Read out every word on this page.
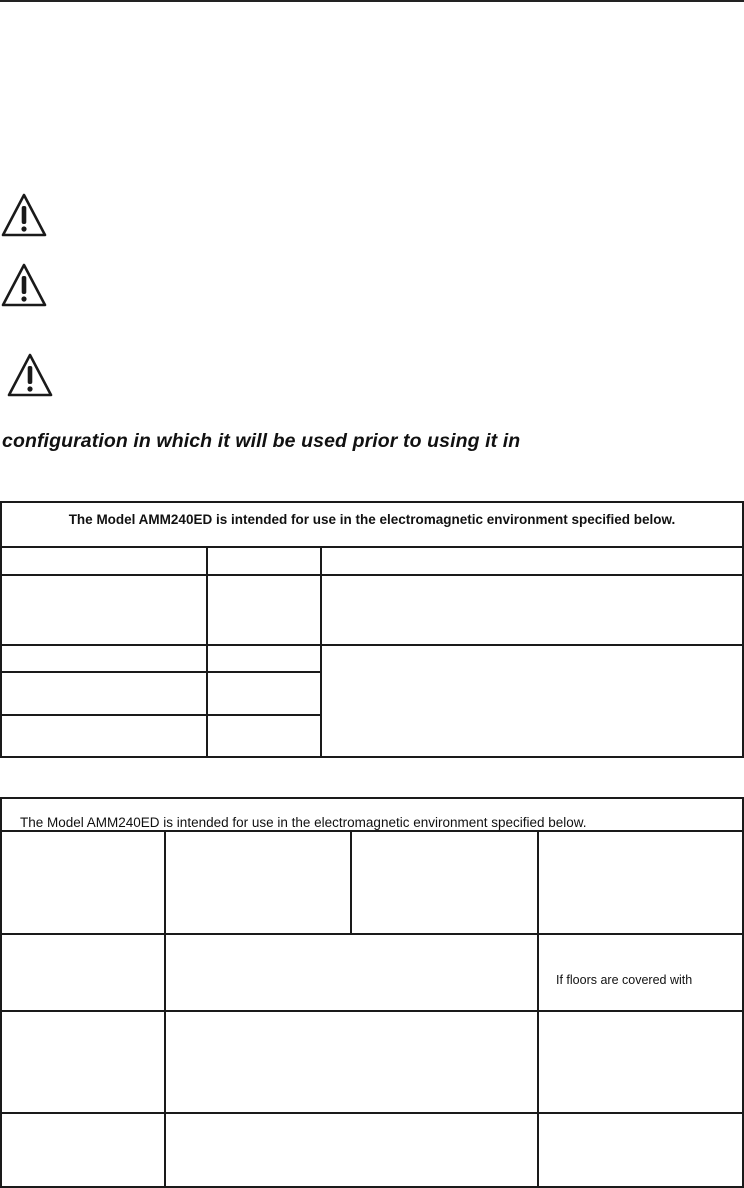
configuration in which it will be used prior to using it in
The Model AMM240ED is intended for use in the electromagnetic environment specified below.
The Model AMM240ED is intended for use in the electromagnetic environment specified below.
If floors are covered with
